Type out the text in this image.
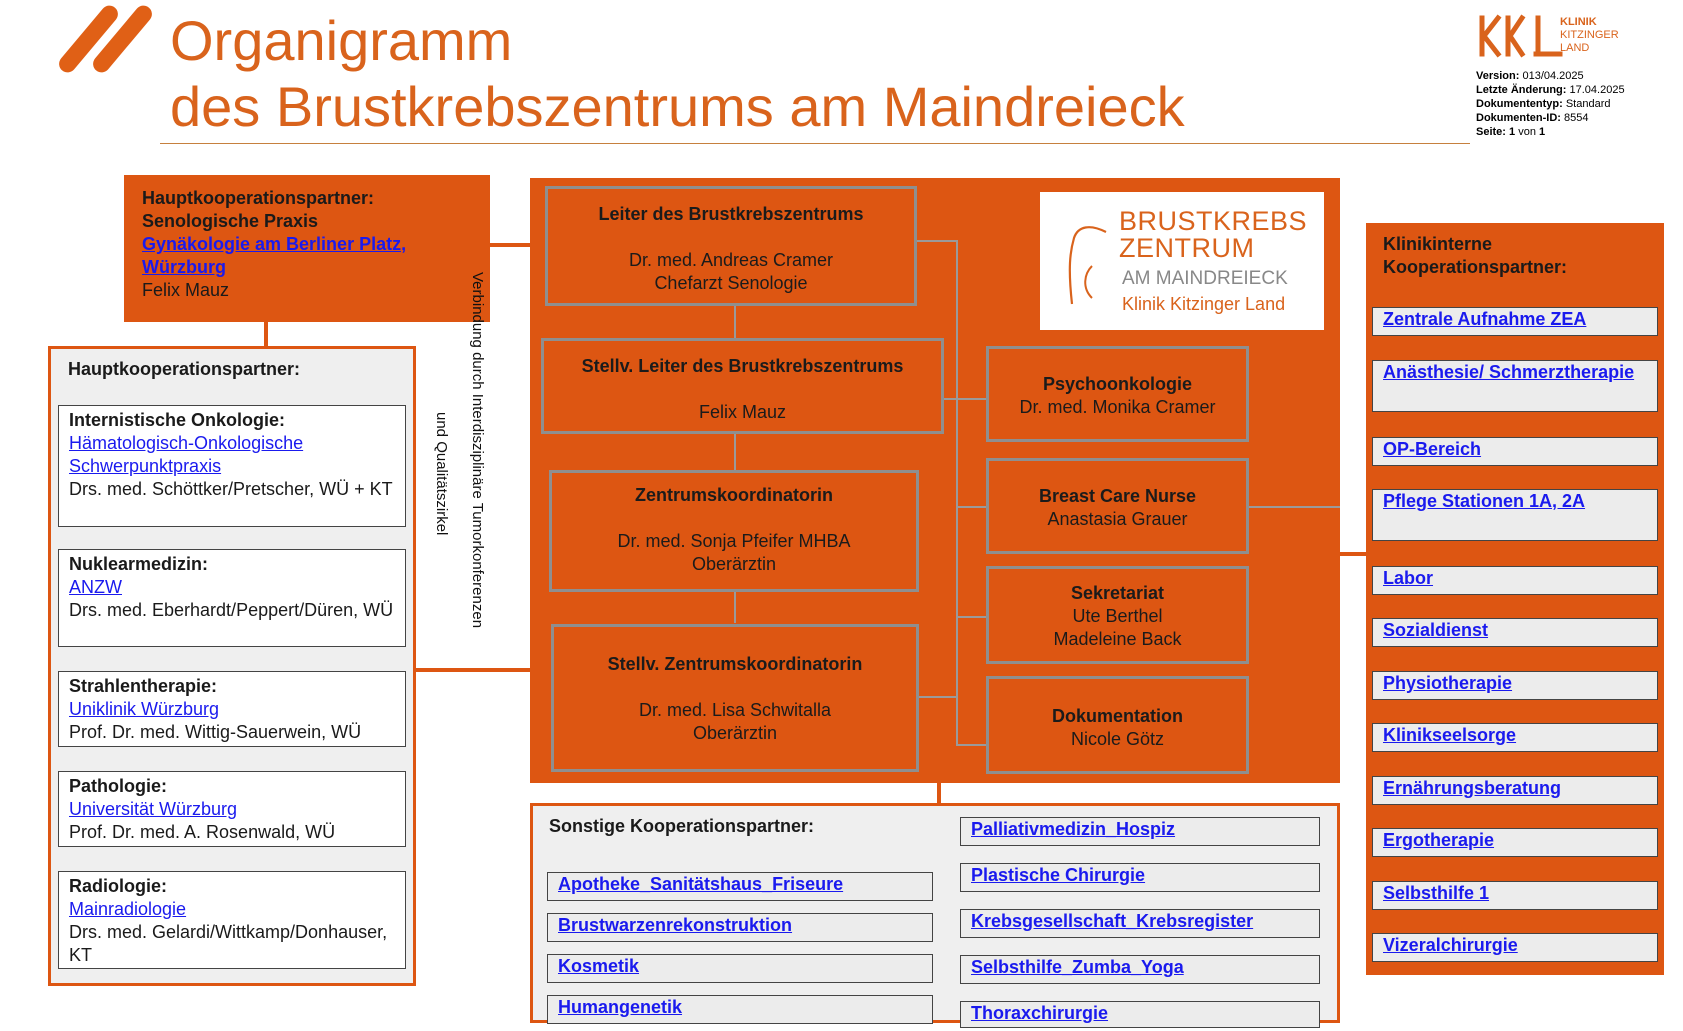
Organigramm
des Brustkrebszentrums am Maindreieck
KLINIK
KITZINGER
LAND
Version: 013/04.2025
Letzte Änderung: 17.04.2025
Dokumententyp: Standard
Dokumenten-ID: 8554
Seite: 1 von 1
Hauptkooperationspartner:
Senologische Praxis
Gynäkologie am Berliner Platz, Würzburg
Felix Mauz
Hauptkooperationspartner:
Internistische Onkologie:
Hämatologisch-Onkologische Schwerpunktpraxis
Drs. med. Schöttker/Pretscher, WÜ + KT
Nuklearmedizin:
ANZW
Drs. med. Eberhardt/Peppert/Düren, WÜ
Strahlentherapie:
Uniklinik Würzburg
Prof. Dr. med. Wittig-Sauerwein, WÜ
Pathologie:
Universität Würzburg
Prof. Dr. med. A. Rosenwald, WÜ
Radiologie:
Mainradiologie
Drs. med. Gelardi/Wittkamp/Donhauser, KT
Verbindung durch Interdisziplinäre Tumorkonferenzen
und Qualitätszirkel
Leiter des Brustkrebszentrums
Dr. med. Andreas Cramer
Chefarzt Senologie
Stellv. Leiter des Brustkrebszentrums
Felix Mauz
Zentrumskoordinatorin
Dr. med. Sonja Pfeifer MHBA
Oberärztin
Stellv. Zentrumskoordinatorin
Dr. med. Lisa Schwitalla
Oberärztin
BRUSTKREBS
ZENTRUM
AM MAINDREIECK
Klinik Kitzinger Land
Psychoonkologie
Dr. med. Monika Cramer
Breast Care Nurse
Anastasia Grauer
Sekretariat
Ute Berthel
Madeleine Back
Dokumentation
Nicole Götz
Klinikinterne Kooperationspartner:
Zentrale Aufnahme ZEA
Anästhesie/ Schmerztherapie
OP-Bereich
Pflege Stationen 1A, 2A
Labor
Sozialdienst
Physiotherapie
Klinikseelsorge
Ernährungsberatung
Ergotherapie
Selbsthilfe 1
Vizeralchirurgie
Sonstige Kooperationspartner:
Apotheke_Sanitätshaus_Friseure
Brustwarzenrekonstruktion
Kosmetik
Humangenetik
Palliativmedizin_Hospiz
Plastische Chirurgie
Krebsgesellschaft_Krebsregister
Selbsthilfe_Zumba_Yoga
Thoraxchirurgie
